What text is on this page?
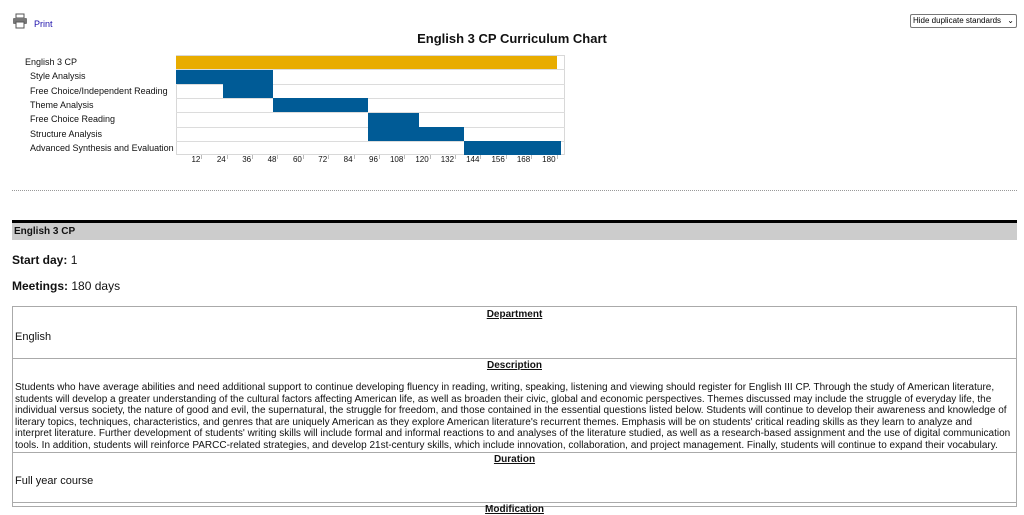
Print	Hide duplicate standards ⌄
English 3 CP Curriculum Chart
English 3 CP
Style Analysis
Free Choice/Independent Reading
Theme Analysis
Free Choice Reading
Structure Analysis
Advanced Synthesis and Evaluation
12	24	36	48	60	72	84	96	108	120	132	144	156	168	180
English 3 CP
Start day: 1
Meetings: 180 days
Department
English
Description
Students who have average abilities and need additional support to continue developing fluency in reading, writing, speaking, listening and viewing should register for English III CP. Through the study of American literature, students will develop a greater understanding of the cultural factors affecting American life, as well as broaden their civic, global and economic perspectives. Themes discussed may include the struggle of everyday life, the individual versus society, the nature of good and evil, the supernatural, the struggle for freedom, and those contained in the essential questions listed below. Students will continue to develop their awareness and knowledge of literary topics, techniques, characteristics, and genres that are uniquely American as they explore American literature's recurrent themes. Emphasis will be on students' critical reading skills as they learn to analyze and interpret literature. Further development of students' writing skills will include formal and informal reactions to and analyses of the literature studied, as well as a research-based assignment and the use of digital communication tools. In addition, students will reinforce PARCC-related strategies, and develop 21st-century skills, which include innovation, collaboration, and project management. Finally, students will continue to expand their vocabulary.
Duration
Full year course
Modification
